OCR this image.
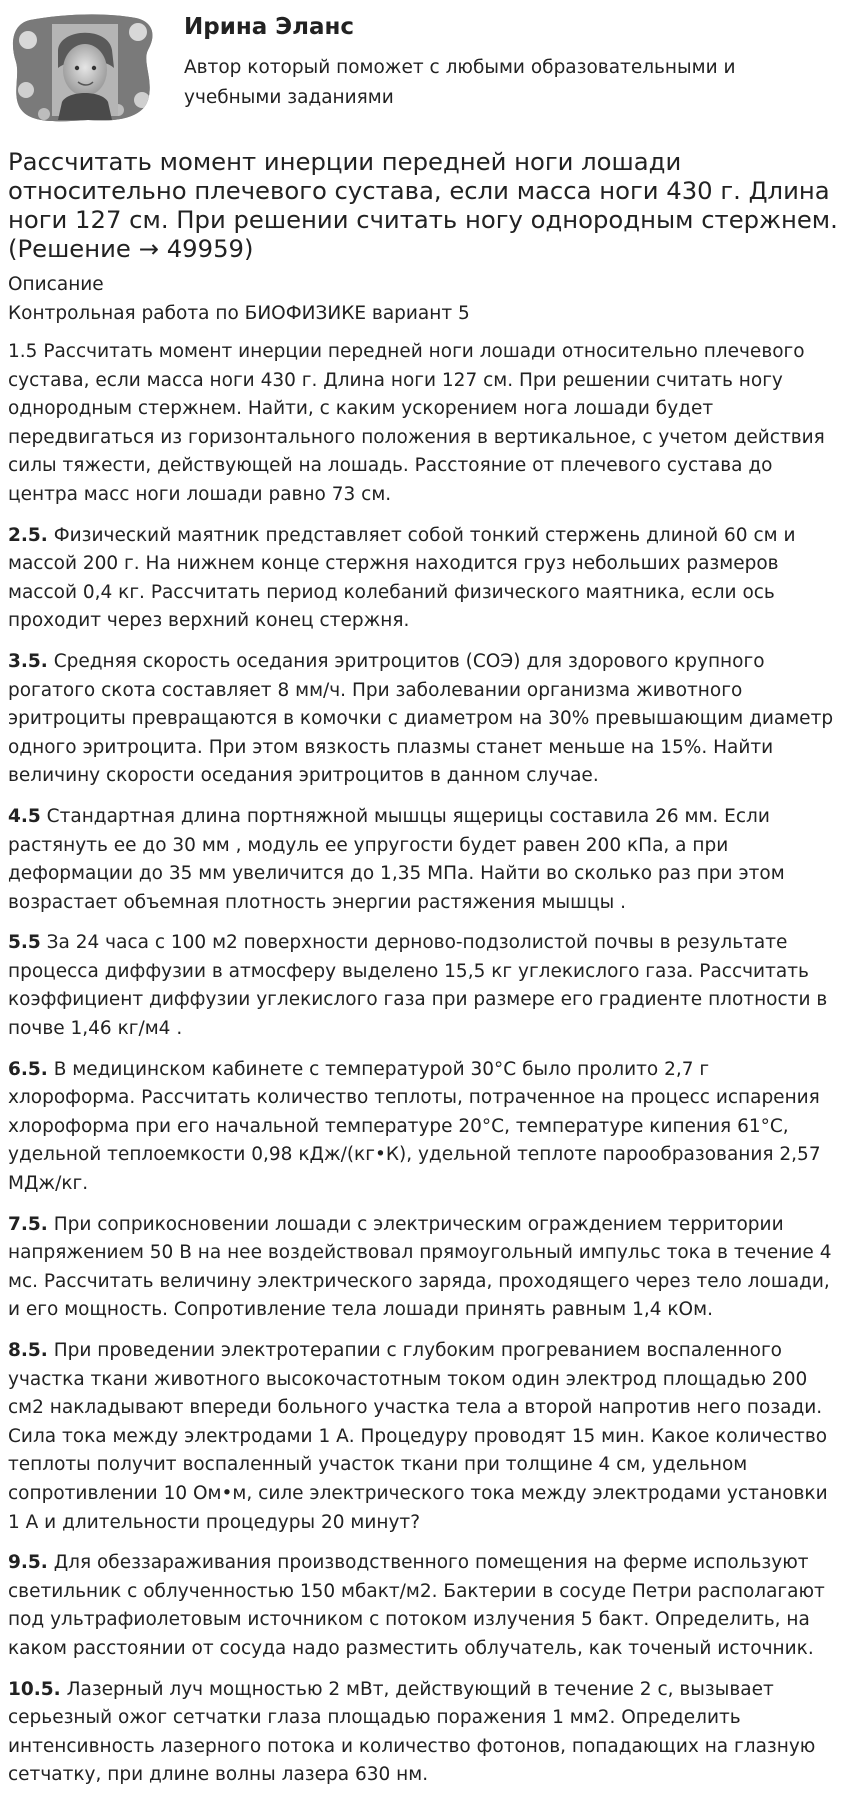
Ирина Эланс
Автор который поможет с любыми образовательными и учебными заданиями
Рассчитать момент инерции передней ноги лошади относительно плечевого сустава, если масса ноги 430 г. Длина ноги 127 см. При решении считать ногу однородным стержнем. (Решение → 49959)
Описание
Контрольная работа по БИОФИЗИКЕ вариант 5

1.5 Рассчитать момент инерции передней ноги лошади относительно плечевого сустава, если масса ноги 430 г. Длина ноги 127 см. При решении считать ногу однородным стержнем. Найти, с каким ускорением нога лошади будет передвигаться из горизонтального положения в вертикальное, с учетом действия силы тяжести, действующей на лошадь. Расстояние от плечевого сустава до центра масс ноги лошади равно 73 см.

2.5. Физический маятник представляет собой тонкий стержень длиной 60 см и массой 200 г. На нижнем конце стержня находится груз небольших размеров массой 0,4 кг. Рассчитать период колебаний физического маятника, если ось проходит через верхний конец стержня.

3.5. Средняя скорость оседания эритроцитов (СОЭ) для здорового крупного рогатого скота составляет 8 мм/ч. При заболевании организма животного эритроциты превращаются в комочки с диаметром на 30% превышающим диаметр одного эритроцита. При этом вязкость плазмы станет меньше на 15%. Найти величину скорости оседания эритроцитов в данном случае.

4.5 Стандартная длина портняжной мышцы ящерицы составила 26 мм. Если растянуть ее до 30 мм , модуль ее упругости будет равен 200 кПа, а при деформации до 35 мм увеличится до 1,35 МПа. Найти во сколько раз при этом возрастает объемная плотность энергии растяжения мышцы .

5.5 За 24 часа с 100 м2 поверхности дерново-подзолистой почвы в результате процесса диффузии в атмосферу выделено 15,5 кг углекислого газа. Рассчитать коэффициент диффузии углекислого газа при размере его градиенте плотности в почве 1,46 кг/м4 .

6.5. В медицинском кабинете с температурой 30°С было пролито 2,7 г хлороформа. Рассчитать количество теплоты, потраченное на процесс испарения хлороформа при его начальной температуре 20°С, температуре кипения 61°С, удельной теплоемкости 0,98 кДж/(кг•К), удельной теплоте парообразования 2,57 МДж/кг.

7.5. При соприкосновении лошади с электрическим ограждением территории напряжением 50 В на нее воздействовал прямоугольный импульс тока в течение 4 мс. Рассчитать величину электрического заряда, проходящего через тело лошади, и его мощность. Сопротивление тела лошади принять равным 1,4 кОм.

8.5. При проведении электротерапии с глубоким прогреванием воспаленного участка ткани животного высокочастотным током один электрод площадью 200 см2 накладывают впереди больного участка тела а второй напротив него позади. Сила тока между электродами 1 А. Процедуру проводят 15 мин. Какое количество теплоты получит воспаленный участок ткани при толщине 4 см, удельном сопротивлении 10 Ом•м, силе электрического тока между электродами установки 1 А и длительности процедуры 20 минут?

9.5. Для обеззараживания производственного помещения на ферме используют светильник с облученностью 150 мбакт/м2. Бактерии в сосуде Петри располагают под ультрафиолетовым источником с потоком излучения 5 бакт. Определить, на каком расстоянии от сосуда надо разместить облучатель, как точеный источник.

10.5. Лазерный луч мощностью 2 мВт, действующий в течение 2 с, вызывает серьезный ожог сетчатки глаза площадью поражения 1 мм2. Определить интенсивность лазерного потока и количество фотонов, попадающих на глазную сетчатку, при длине волны лазера 630 нм.
